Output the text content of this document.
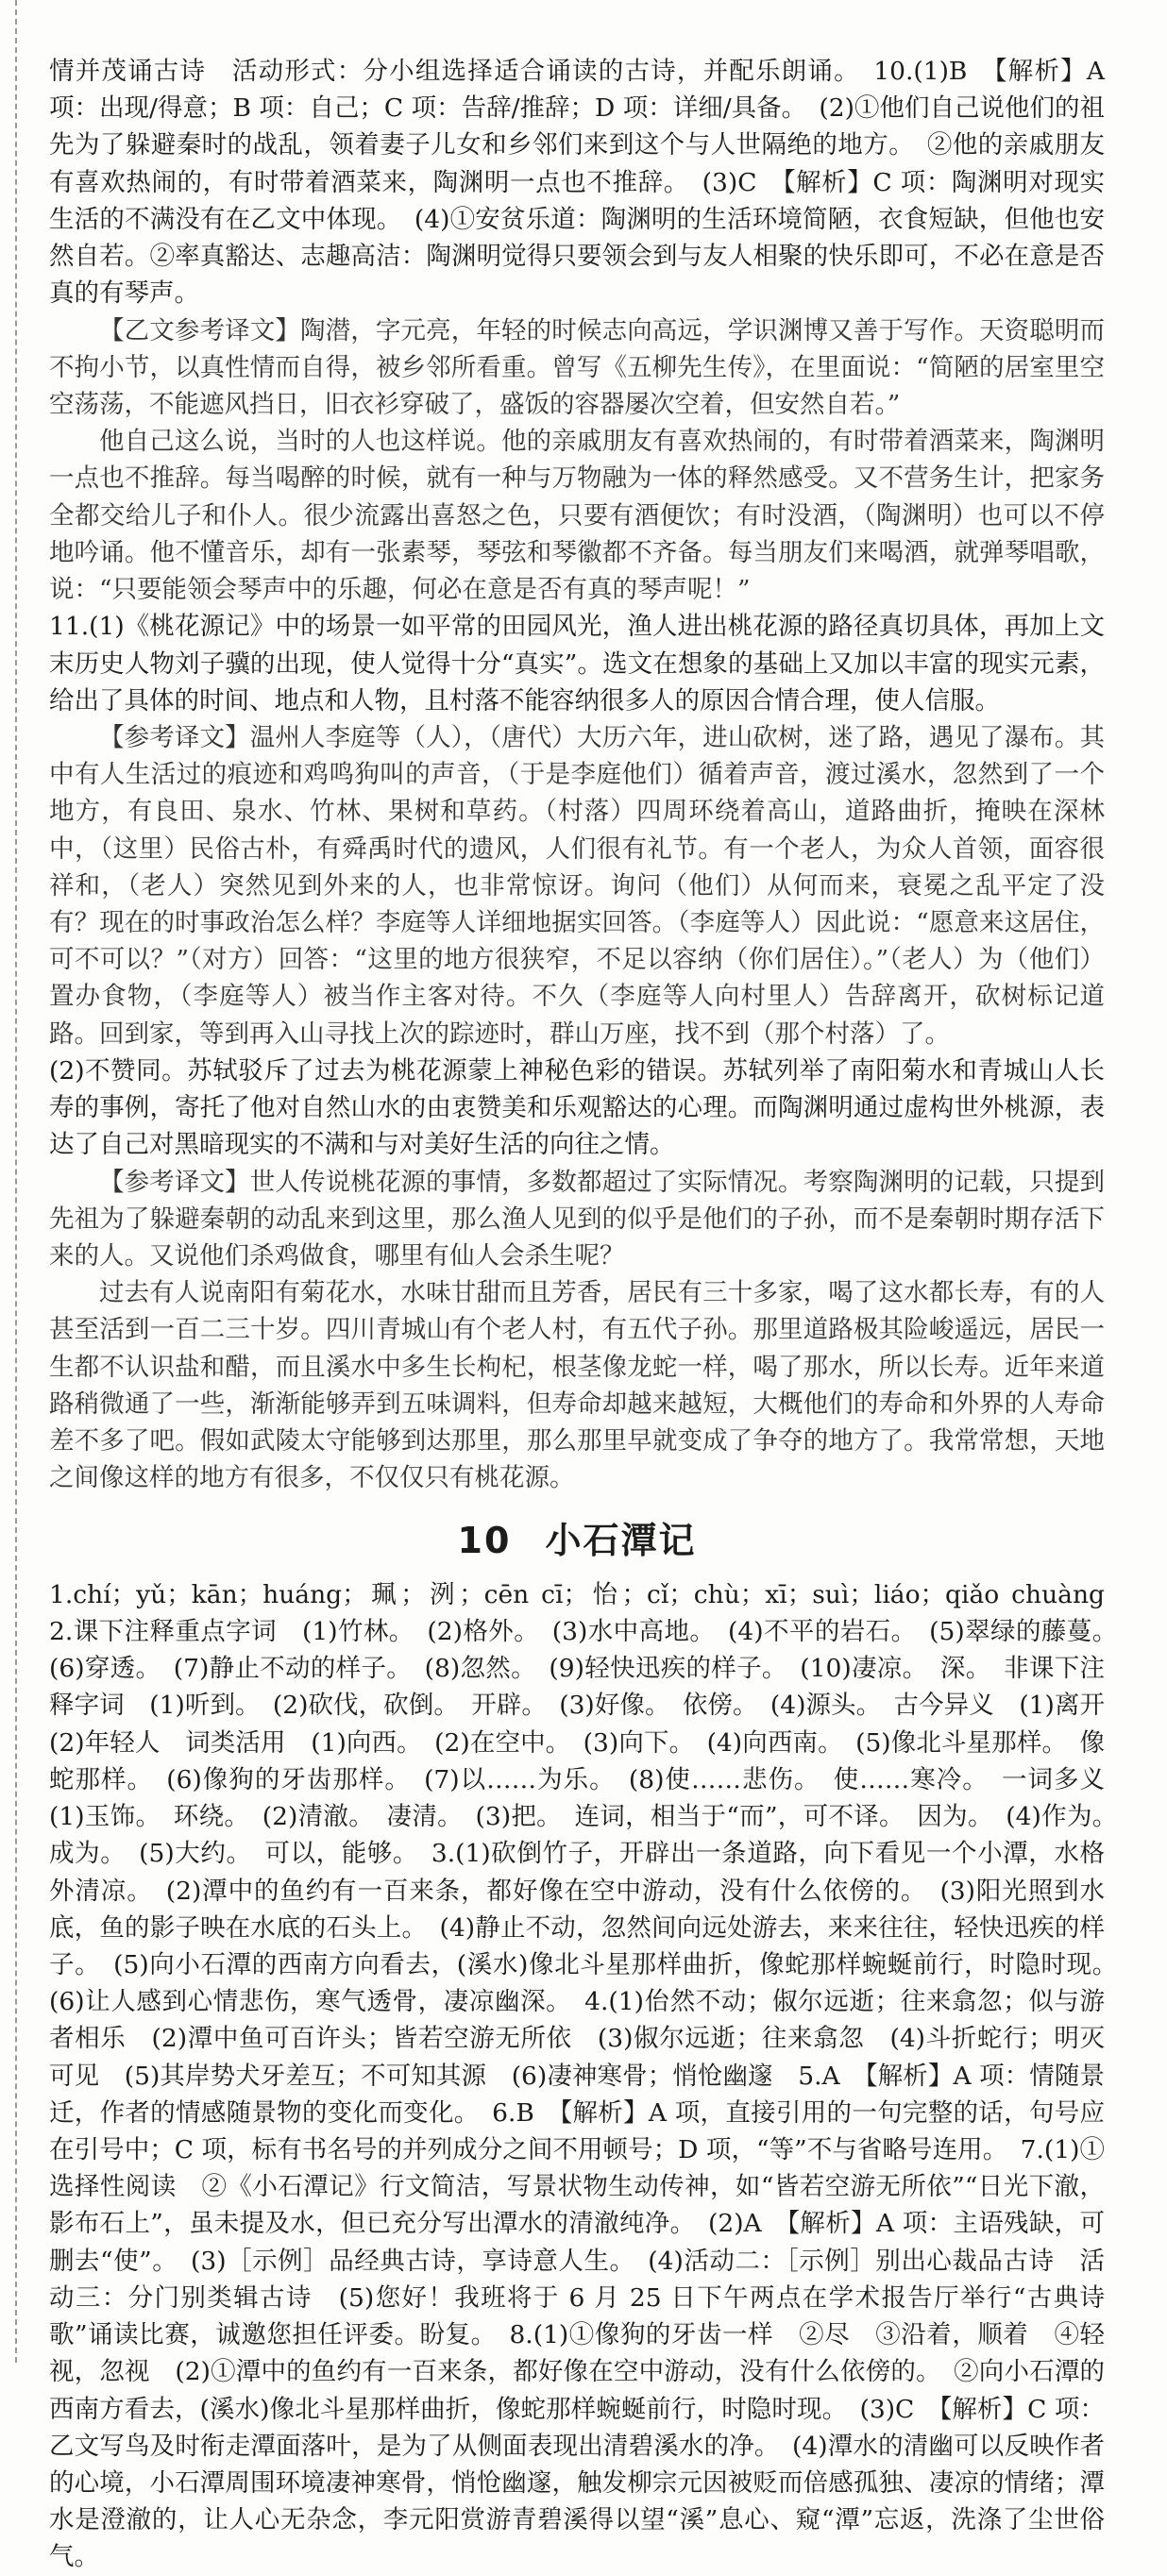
情并茂诵古诗　活动形式：分小组选择适合诵读的古诗，并配乐朗诵。　10.(1)B　【解析】A 项：出现/得意；B 项：自己；C 项：告辞/推辞；D 项：详细/具备。　(2)①他们自己说他们的祖先为了躲避秦时的战乱，领着妻子儿女和乡邻们来到这个与人世隔绝的地方。　②他的亲戚朋友有喜欢热闹的，有时带着酒菜来，陶渊明一点也不推辞。　(3)C　【解析】C 项：陶渊明对现实生活的不满没有在乙文中体现。　(4)①安贫乐道：陶渊明的生活环境简陋，衣食短缺，但他也安然自若。②率真豁达、志趣高洁：陶渊明觉得只要领会到与友人相聚的快乐即可，不必在意是否真的有琴声。

【乙文参考译文】陶潜，字元亮，年轻的时候志向高远，学识渊博又善于写作。天资聪明而不拘小节，以真性情而自得，被乡邻所看重。曾写《五柳先生传》，在里面说：“简陋的居室里空空荡荡，不能遮风挡日，旧衣衫穿破了，盛饭的容器屡次空着，但安然自若。”

他自己这么说，当时的人也这样说。他的亲戚朋友有喜欢热闹的，有时带着酒菜来，陶渊明一点也不推辞。每当喝醉的时候，就有一种与万物融为一体的释然感受。又不营务生计，把家务全都交给儿子和仆人。很少流露出喜怒之色，只要有酒便饮；有时没酒，（陶渊明）也可以不停地吟诵。他不懂音乐，却有一张素琴，琴弦和琴徽都不齐备。每当朋友们来喝酒，就弹琴唱歌，说：“只要能领会琴声中的乐趣，何必在意是否有真的琴声呢！”

11.(1)《桃花源记》中的场景一如平常的田园风光，渔人进出桃花源的路径真切具体，再加上文末历史人物刘子骥的出现，使人觉得十分“真实”。选文在想象的基础上又加以丰富的现实元素，给出了具体的时间、地点和人物，且村落不能容纳很多人的原因合情合理，使人信服。

【参考译文】温州人李庭等（人），（唐代）大历六年，进山砍树，迷了路，遇见了瀑布。其中有人生活过的痕迹和鸡鸣狗叫的声音，（于是李庭他们）循着声音，渡过溪水，忽然到了一个地方，有良田、泉水、竹林、果树和草药。（村落）四周环绕着高山，道路曲折，掩映在深林中，（这里）民俗古朴，有舜禹时代的遗风，人们很有礼节。有一个老人，为众人首领，面容很祥和，（老人）突然见到外来的人，也非常惊讶。询问（他们）从何而来，衰冕之乱平定了没有？现在的时事政治怎么样？李庭等人详细地据实回答。（李庭等人）因此说：“愿意来这居住，可不可以？”（对方）回答：“这里的地方很狭窄，不足以容纳（你们居住）。”（老人）为（他们）置办食物，（李庭等人）被当作主客对待。不久（李庭等人向村里人）告辞离开，砍树标记道路。回到家，等到再入山寻找上次的踪迹时，群山万座，找不到（那个村落）了。

(2)不赞同。苏轼驳斥了过去为桃花源蒙上神秘色彩的错误。苏轼列举了南阳菊水和青城山人长寿的事例，寄托了他对自然山水的由衷赞美和乐观豁达的心理。而陶渊明通过虚构世外桃源，表达了自己对黑暗现实的不满和与对美好生活的向往之情。

【参考译文】世人传说桃花源的事情，多数都超过了实际情况。考察陶渊明的记载，只提到先祖为了躲避秦朝的动乱来到这里，那么渔人见到的似乎是他们的子孙，而不是秦朝时期存活下来的人。又说他们杀鸡做食，哪里有仙人会杀生呢？

过去有人说南阳有菊花水，水味甘甜而且芳香，居民有三十多家，喝了这水都长寿，有的人甚至活到一百二三十岁。四川青城山有个老人村，有五代子孙。那里道路极其险峻遥远，居民一生都不认识盐和醋，而且溪水中多生长枸杞，根茎像龙蛇一样，喝了那水，所以长寿。近年来道路稍微通了一些，渐渐能够弄到五味调料，但寿命却越来越短，大概他们的寿命和外界的人寿命差不多了吧。假如武陵太守能够到达那里，那么那里早就变成了争夺的地方了。我常常想，天地之间像这样的地方有很多，不仅仅只有桃花源。

10 小石潭记

1.chí；yǔ；kān；huáng；珮；洌；cēn cī；怡；cǐ；chù；xī；suì；liáo；qiǎo chuàng　2.课下注释重点字词　(1)竹林。　(2)格外。　(3)水中高地。　(4)不平的岩石。　(5)翠绿的藤蔓。　(6)穿透。　(7)静止不动的样子。　(8)忽然。　(9)轻快迅疾的样子。　(10)凄凉。　深。　非课下注释字词　(1)听到。　(2)砍伐，砍倒。　开辟。　(3)好像。　依傍。　(4)源头。　古今异义　(1)离开　(2)年轻人　词类活用　(1)向西。　(2)在空中。　(3)向下。　(4)向西南。　(5)像北斗星那样。　像蛇那样。　(6)像狗的牙齿那样。　(7)以……为乐。　(8)使……悲伤。　使……寒冷。　一词多义　(1)玉饰。　环绕。　(2)清澈。　凄清。　(3)把。　连词，相当于“而”，可不译。　因为。　(4)作为。　成为。　(5)大约。　可以，能够。　3.(1)砍倒竹子，开辟出一条道路，向下看见一个小潭，水格外清凉。　(2)潭中的鱼约有一百来条，都好像在空中游动，没有什么依傍的。　(3)阳光照到水底，鱼的影子映在水底的石头上。　(4)静止不动，忽然间向远处游去，来来往往，轻快迅疾的样子。　(5)向小石潭的西南方向看去，(溪水)像北斗星那样曲折，像蛇那样蜿蜒前行，时隐时现。　(6)让人感到心情悲伤，寒气透骨，凄凉幽深。　4.(1)佁然不动；俶尔远逝；往来翕忽；似与游者相乐　(2)潭中鱼可百许头；皆若空游无所依　(3)俶尔远逝；往来翕忽　(4)斗折蛇行；明灭可见　(5)其岸势犬牙差互；不可知其源　(6)凄神寒骨；悄怆幽邃　5.A　【解析】A 项：情随景迁，作者的情感随景物的变化而变化。　6.B　【解析】A 项，直接引用的一句完整的话，句号应在引号中；C 项，标有书名号的并列成分之间不用顿号；D 项，“等”不与省略号连用。　7.(1)①选择性阅读　②《小石潭记》行文简洁，写景状物生动传神，如“皆若空游无所依”“日光下澈，影布石上”，虽未提及水，但已充分写出潭水的清澈纯净。　(2)A　【解析】A 项：主语残缺，可删去“使”。　(3)［示例］品经典古诗，享诗意人生。　(4)活动二：［示例］别出心裁品古诗　活动三：分门别类辑古诗　(5)您好！我班将于 6 月 25 日下午两点在学术报告厅举行“古典诗歌”诵读比赛，诚邀您担任评委。盼复。　8.(1)①像狗的牙齿一样　②尽　③沿着，顺着　④轻视，忽视　(2)①潭中的鱼约有一百来条，都好像在空中游动，没有什么依傍的。　②向小石潭的西南方看去，(溪水)像北斗星那样曲折，像蛇那样蜿蜒前行，时隐时现。　(3)C　【解析】C 项：乙文写鸟及时衔走潭面落叶，是为了从侧面表现出清碧溪水的净。　(4)潭水的清幽可以反映作者的心境，小石潭周围环境凄神寒骨，悄怆幽邃，触发柳宗元因被贬而倍感孤独、凄凉的情绪；潭水是澄澈的，让人心无杂念，李元阳赏游青碧溪得以望“溪”息心、窥“潭”忘返，洗涤了尘世俗气。
